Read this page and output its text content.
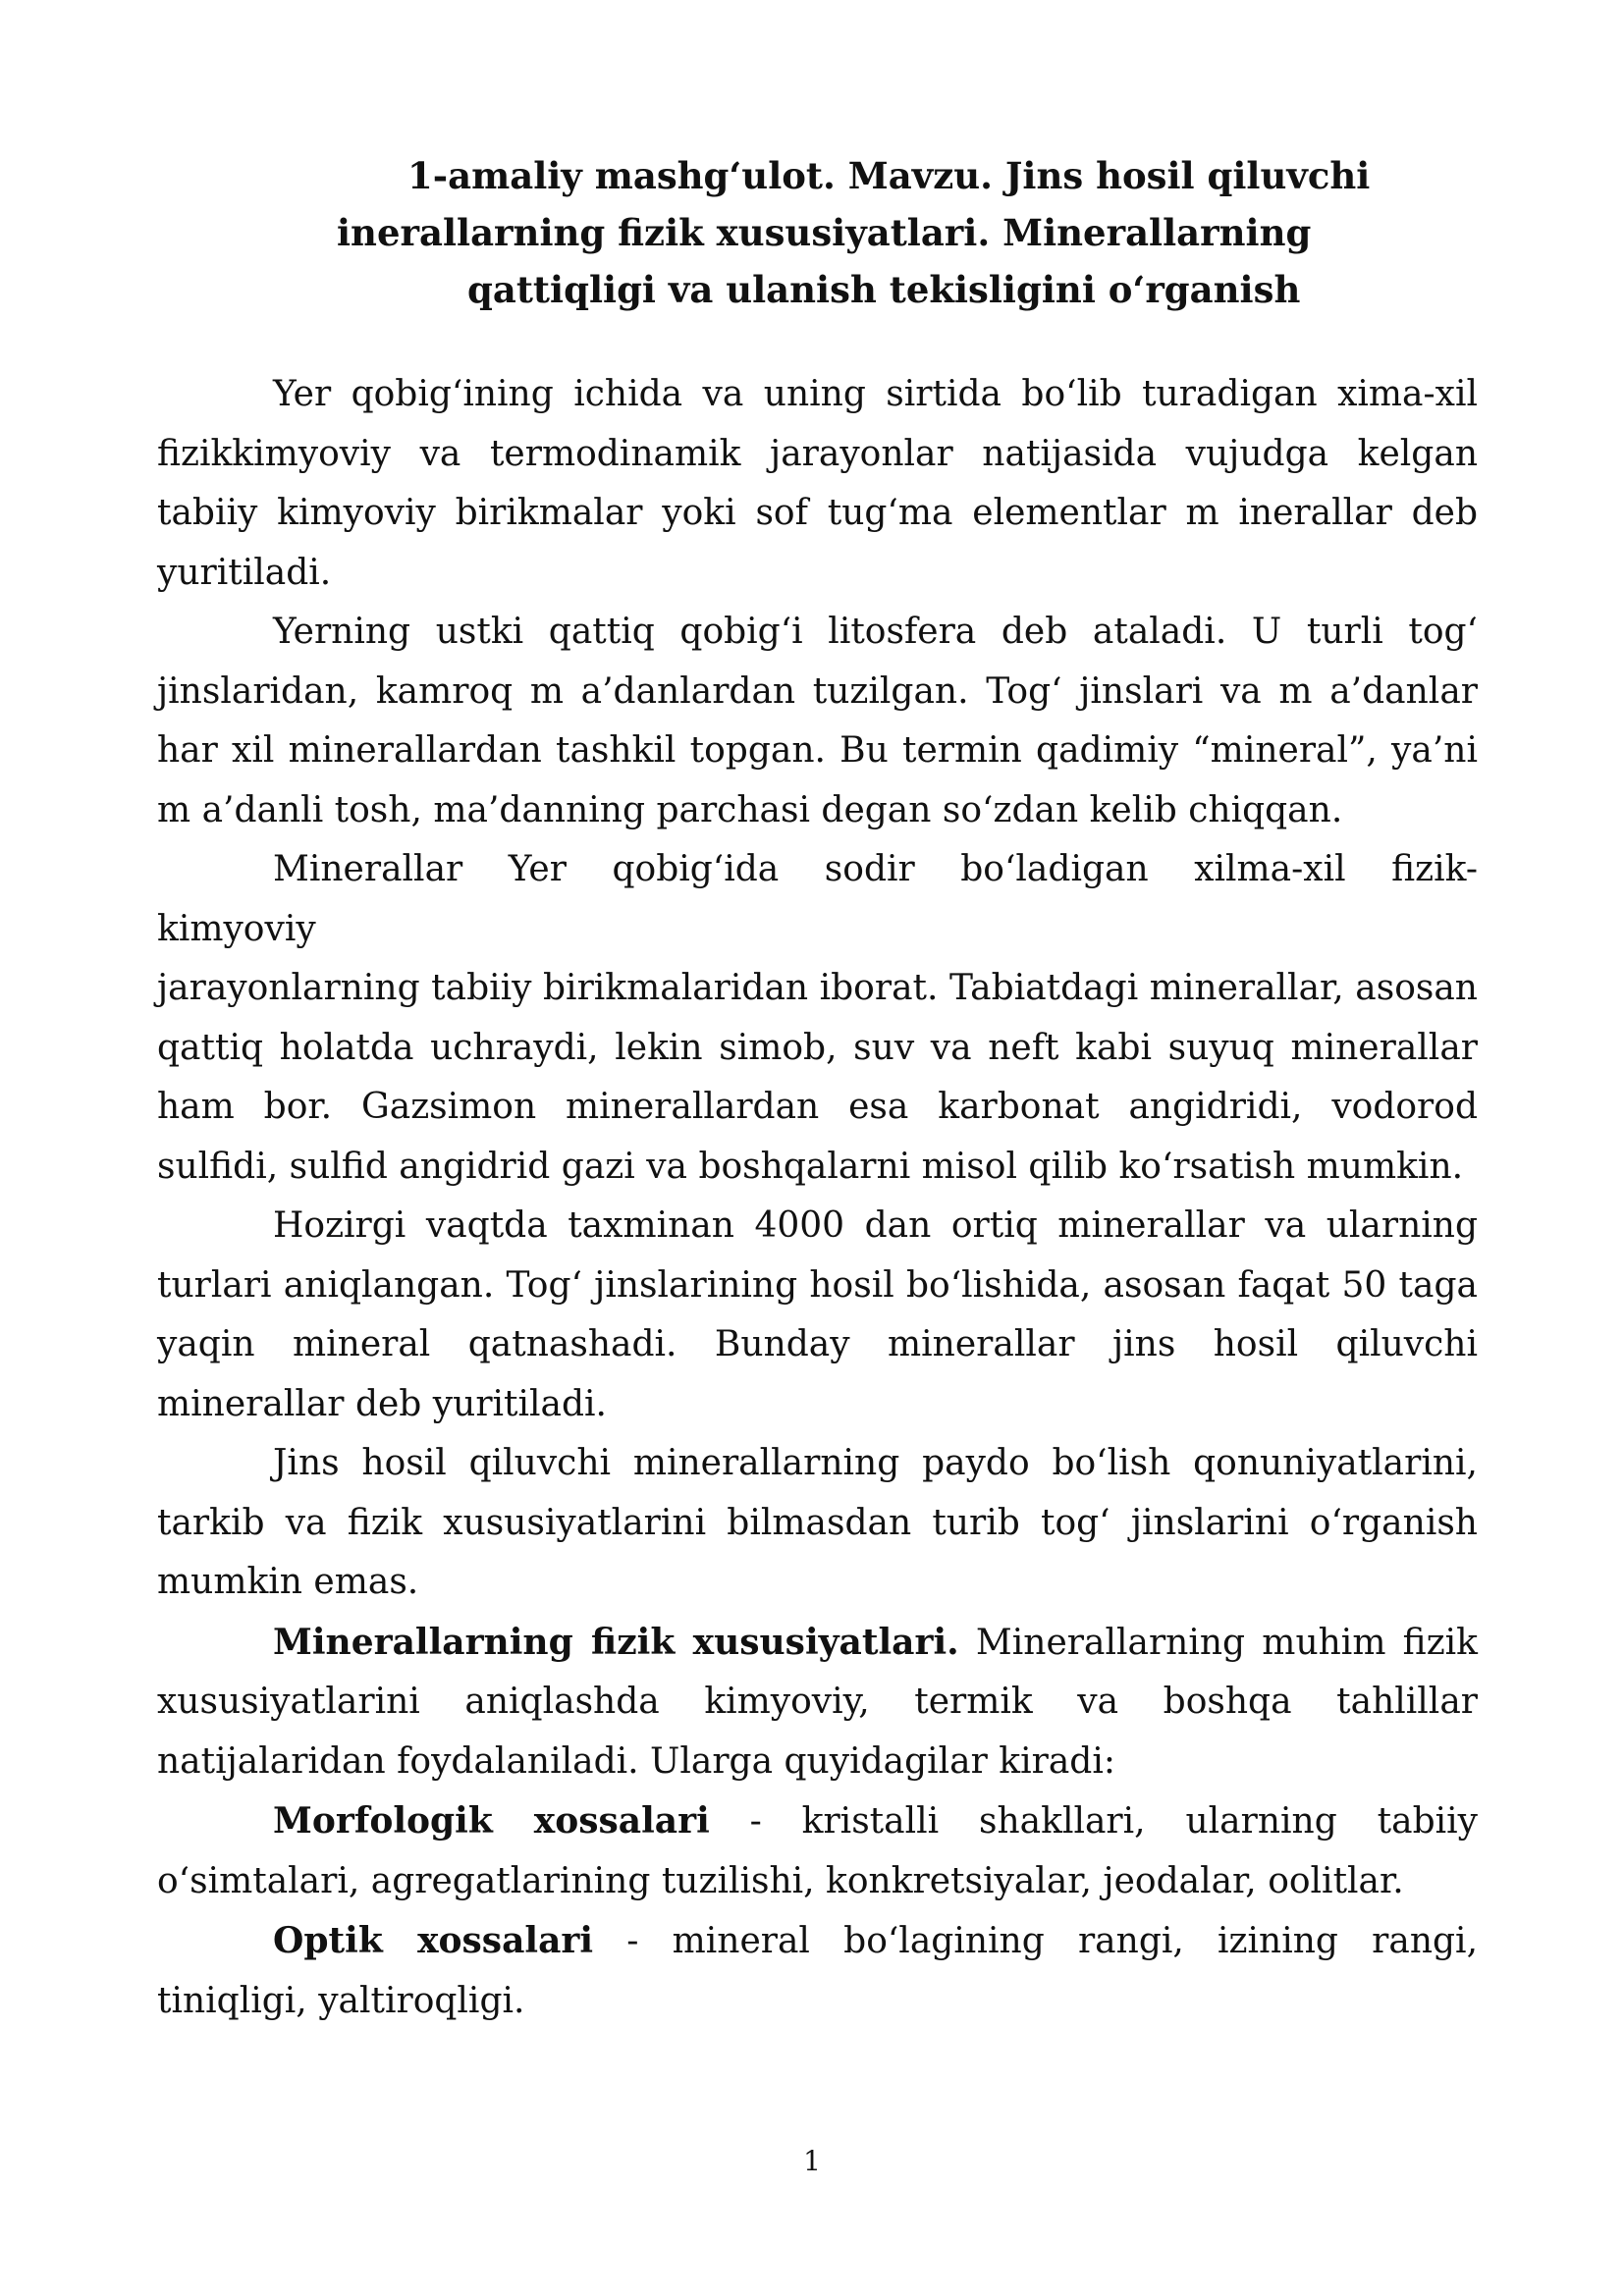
1-amaliy mashg‘ulot. Mavzu. Jins hosil qiluvchi
inerallarning fizik xususiyatlari. Minerallarning
qattiqligi va ulanish tekisligini o‘rganish

Yer qobig‘ining ichida va uning sirtida bo‘lib turadigan xima-xil fizikkimyoviy va termodinamik jarayonlar natijasida vujudga kelgan tabiiy kimyoviy birikmalar yoki sof tug‘ma elementlar m inerallar deb yuritiladi.

Yerning ustki qattiq qobig‘i litosfera deb ataladi. U turli tog‘ jinslaridan, kamroq m a’danlardan tuzilgan. Tog‘ jinslari va m a’danlar har xil minerallardan tashkil topgan. Bu termin qadimiy “mineral”, ya’ni m a’danli tosh, ma’danning parchasi degan so‘zdan kelib chiqqan.

Minerallar Yer qobig‘ida sodir bo‘ladigan xilma-xil fizik-

kimyoviy

jarayonlarning tabiiy birikmalaridan iborat. Tabiatdagi minerallar, asosan qattiq holatda uchraydi, lekin simob, suv va neft kabi suyuq minerallar ham bor. Gazsimon minerallardan esa karbonat angidridi, vodorod sulfidi, sulfid angidrid gazi va boshqalarni misol qilib ko‘rsatish mumkin.

Hozirgi vaqtda taxminan 4000 dan ortiq minerallar va ularning turlari aniqlangan. Tog‘ jinslarining hosil bo‘lishida, asosan faqat 50 taga yaqin mineral qatnashadi. Bunday minerallar jins hosil qiluvchi minerallar deb yuritiladi.

Jins hosil qiluvchi minerallarning paydo bo‘lish qonuniyatlarini, tarkib va fizik xususiyatlarini bilmasdan turib tog‘ jinslarini o‘rganish mumkin emas.

Minerallarning fizik xususiyatlari. Minerallarning muhim fizik xususiyatlarini aniqlashda kimyoviy, termik va boshqa tahlillar natijalaridan foydalaniladi. Ularga quyidagilar kiradi:

Morfologik xossalari - kristalli shakllari, ularning tabiiy o‘simtalari, agregatlarining tuzilishi, konkretsiyalar, jeodalar, oolitlar.

Optik xossalari - mineral bo‘lagining rangi, izining rangi, tiniqligi, yaltiroqligi.

1
